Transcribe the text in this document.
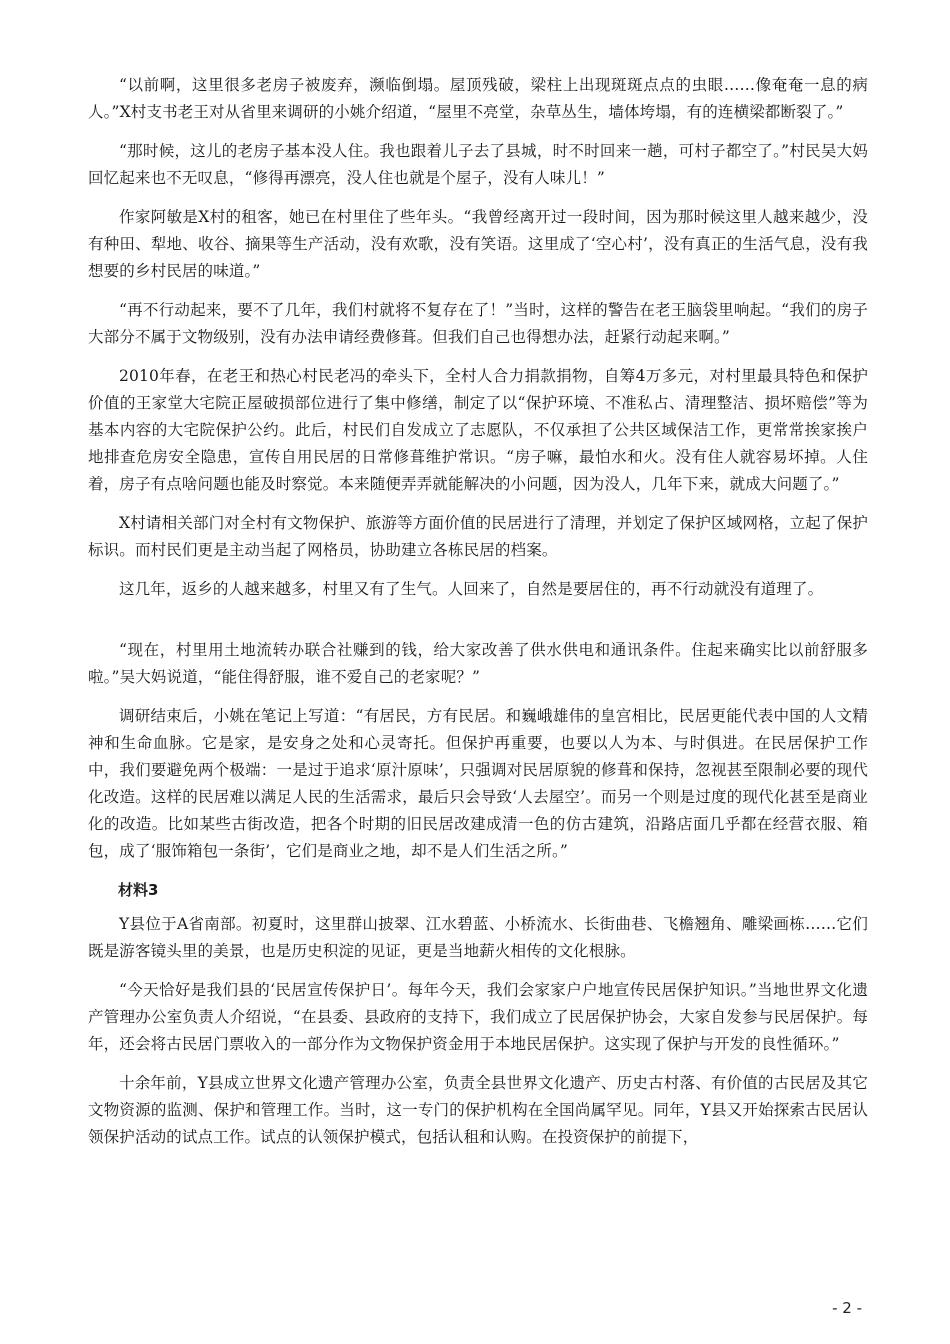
“以前啊，这里很多老房子被废弃，濒临倒塌。屋顶残破，梁柱上出现斑斑点点的虫眼……像奄奄一息的病人。”X村支书老王对从省里来调研的小姚介绍道，“屋里不亮堂，杂草丛生，墙体垮塌，有的连横梁都断裂了。”

“那时候，这儿的老房子基本没人住。我也跟着儿子去了县城，时不时回来一趟，可村子都空了。”村民吴大妈回忆起来也不无叹息，“修得再漂亮，没人住也就是个屋子，没有人味儿！”

作家阿敏是X村的租客，她已在村里住了些年头。“我曾经离开过一段时间，因为那时候这里人越来越少，没有种田、犁地、收谷、摘果等生产活动，没有欢歌，没有笑语。这里成了‘空心村’，没有真正的生活气息，没有我想要的乡村民居的味道。”

“再不行动起来，要不了几年，我们村就将不复存在了！”当时，这样的警告在老王脑袋里响起。“我们的房子大部分不属于文物级别，没有办法申请经费修葺。但我们自己也得想办法，赶紧行动起来啊。”

2010年春，在老王和热心村民老冯的牵头下，全村人合力捐款捐物，自筹4万多元，对村里最具特色和保护价值的王家堂大宅院正屋破损部位进行了集中修缮，制定了以“保护环境、不准私占、清理整洁、损坏赔偿”等为基本内容的大宅院保护公约。此后，村民们自发成立了志愿队，不仅承担了公共区域保洁工作，更常常挨家挨户地排查危房安全隐患，宣传自用民居的日常修葺维护常识。“房子嘛，最怕水和火。没有住人就容易坏掉。人住着，房子有点啥问题也能及时察觉。本来随便弄弄就能解决的小问题，因为没人，几年下来，就成大问题了。”

X村请相关部门对全村有文物保护、旅游等方面价值的民居进行了清理，并划定了保护区域网格，立起了保护标识。而村民们更是主动当起了网格员，协助建立各栋民居的档案。

这几年，返乡的人越来越多，村里又有了生气。人回来了，自然是要居住的，再不行动就没有道理了。

“现在，村里用土地流转办联合社赚到的钱，给大家改善了供水供电和通讯条件。住起来确实比以前舒服多啦。”吴大妈说道，“能住得舒服，谁不爱自己的老家呢？”

调研结束后，小姚在笔记上写道：“有居民，方有民居。和巍峨雄伟的皇宫相比，民居更能代表中国的人文精神和生命血脉。它是家，是安身之处和心灵寄托。但保护再重要，也要以人为本、与时俱进。在民居保护工作中，我们要避免两个极端：一是过于追求‘原汁原味’，只强调对民居原貌的修葺和保持，忽视甚至限制必要的现代化改造。这样的民居难以满足人民的生活需求，最后只会导致‘人去屋空’。而另一个则是过度的现代化甚至是商业化的改造。比如某些古街改造，把各个时期的旧民居改建成清一色的仿古建筑，沿路店面几乎都在经营衣服、箱包，成了‘服饰箱包一条街’，它们是商业之地，却不是人们生活之所。”

材料3

Y县位于A省南部。初夏时，这里群山披翠、江水碧蓝、小桥流水、长街曲巷、飞檐翘角、雕梁画栋……它们既是游客镜头里的美景，也是历史积淀的见证，更是当地薪火相传的文化根脉。

“今天恰好是我们县的‘民居宣传保护日’。每年今天，我们会家家户户地宣传民居保护知识。”当地世界文化遗产管理办公室负责人介绍说，“在县委、县政府的支持下，我们成立了民居保护协会，大家自发参与民居保护。每年，还会将古民居门票收入的一部分作为文物保护资金用于本地民居保护。这实现了保护与开发的良性循环。”

十余年前，Y县成立世界文化遗产管理办公室，负责全县世界文化遗产、历史古村落、有价值的古民居及其它文物资源的监测、保护和管理工作。当时，这一专门的保护机构在全国尚属罕见。同年，Y县又开始探索古民居认领保护活动的试点工作。试点的认领保护模式，包括认租和认购。在投资保护的前提下，

- 2 -
